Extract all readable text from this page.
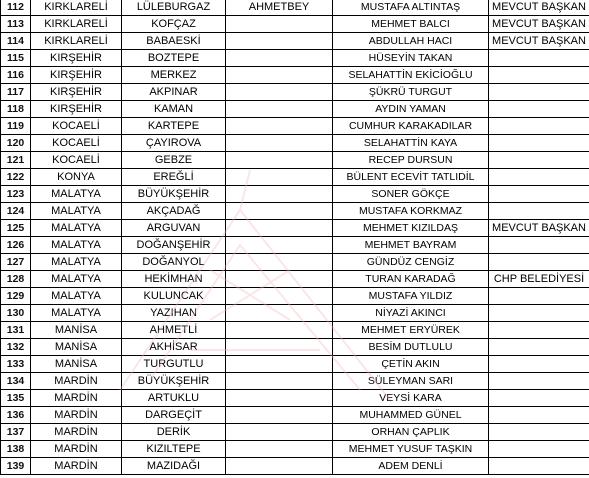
112	KIRKLARELİ	LÜLEBURGAZ	AHMETBEY	MUSTAFA ALTINTAŞ	MEVCUT BAŞKAN
113	KIRKLARELİ	KOFÇAZ		MEHMET BALCI	MEVCUT BAŞKAN
114	KIRKLARELİ	BABAESKİ		ABDULLAH HACI	MEVCUT BAŞKAN
115	KIRŞEHİR	BOZTEPE		HÜSEYİN TAKAN	
116	KIRŞEHİR	MERKEZ		SELAHATTİN EKİCİOĞLU	
117	KIRŞEHİR	AKPINAR		ŞÜKRÜ TURGUT	
118	KIRŞEHİR	KAMAN		AYDIN YAMAN	
119	KOCAELİ	KARTEPE		CUMHUR KARAKADILAR	
120	KOCAELİ	ÇAYIROVA		SELAHATTİN KAYA	
121	KOCAELİ	GEBZE		RECEP DURSUN	
122	KONYA	EREĞLİ		BÜLENT ECEVİT TATLIDİL	
123	MALATYA	BÜYÜKŞEHİR		SONER GÖKÇE	
124	MALATYA	AKÇADAĞ		MUSTAFA KORKMAZ	
125	MALATYA	ARGUVAN		MEHMET KIZILDAŞ	MEVCUT BAŞKAN
126	MALATYA	DOĞANŞEHİR		MEHMET BAYRAM	
127	MALATYA	DOĞANYOL		GÜNDÜZ CENGİZ	
128	MALATYA	HEKİMHAN		TURAN KARADAĞ	CHP BELEDİYESİ
129	MALATYA	KULUNCAK		MUSTAFA YILDIZ	
130	MALATYA	YAZIHAN		NİYAZİ AKINCI	
131	MANİSA	AHMETLİ		MEHMET ERYÜREK	
132	MANİSA	AKHİSAR		BESİM DUTLULU	
133	MANİSA	TURGUTLU		ÇETİN AKIN	
134	MARDİN	BÜYÜKŞEHİR		SÜLEYMAN SARI	
135	MARDİN	ARTUKLU		VEYSİ KARA	
136	MARDİN	DARGEÇİT		MUHAMMED GÜNEL	
137	MARDİN	DERİK		ORHAN ÇAPLIK	
138	MARDİN	KIZILTEPE		MEHMET YUSUF TAŞKIN	
139	MARDİN	MAZIDAĞI		ADEM DENLİ	
